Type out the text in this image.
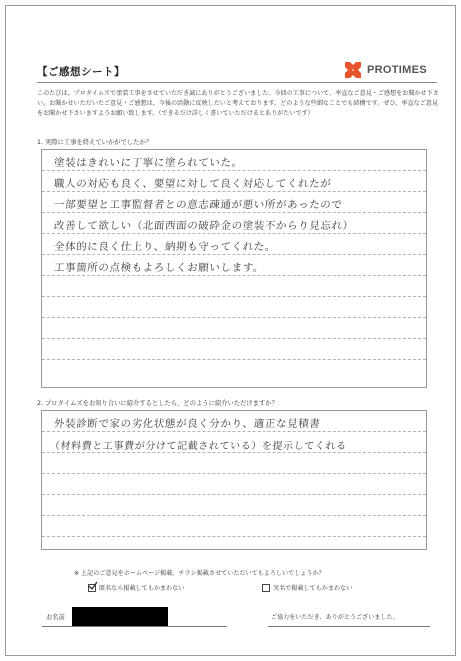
【ご感想シート】	PROTIMES
このたびは、プロタイムズで塗装工事をさせていただき誠にありがとうございました。今回の工事について、率直なご意見・ご感想をお聞かせ下さい。お聞かせいただいたご意見・ご感想は、今後の活動に反映したいと考えております。どのような些細なことでも結構です。ぜひ、率直なご意見をお聞かせ下さいますようお願い致します。（できるだけ詳しく書いていただけるとありがたいです）
1. 実際に工事を終えていかがでしたか？
塗装はきれいに丁寧に塗られていた。
職人の対応も良く、要望に対して良く対応してくれたが
一部要望と工事監督者との意志疎通が悪い所があったので
改善して欲しい（北面西面の破砕金の塗装不からり見忘れ）
全体的に良く仕上り、納期も守ってくれた。
工事箇所の点検もよろしくお願いします。
2. プロタイムズをお知り合いに紹介するとしたら、どのように紹介いただけますか？
外装診断で家の劣化状態が良く分かり、適正な見積書
（材料費と工事費が分けて記載されている）を提示してくれる
※ 上記のご意見をホームページ掲載、チラシ掲載させていただいてもよろしいでしょうか？
匿名なら掲載してもかまわない	実名で掲載してもかまわない
お名前	ご協力をいただき、ありがとうございました。
